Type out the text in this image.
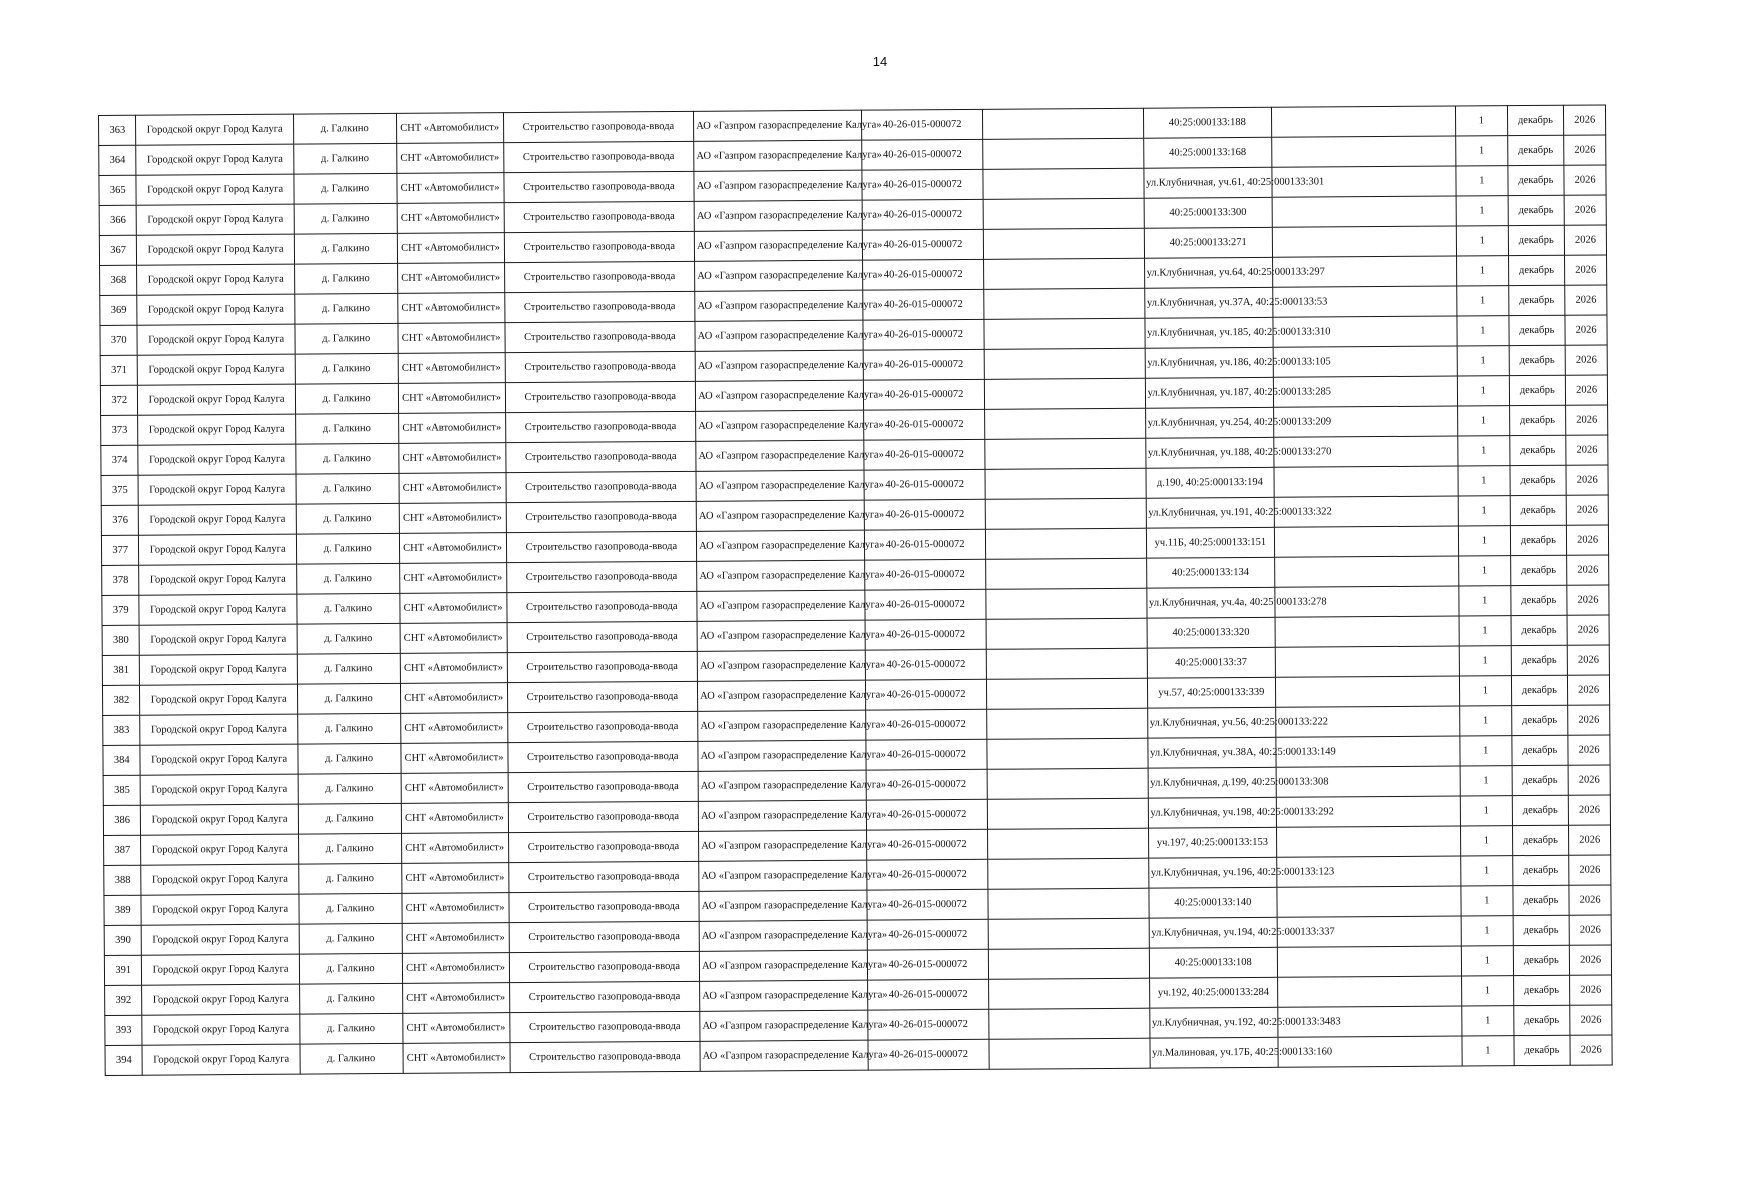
14
363	Городской округ Город Калуга	д. Галкино	СНТ «Автомобилист»	Строительство газопровода-ввода	АО «Газпром газораспределение Калуга»	40-26-015-000072		40:25:000133:188		1	декабрь	2026
364	Городской округ Город Калуга	д. Галкино	СНТ «Автомобилист»	Строительство газопровода-ввода	АО «Газпром газораспределение Калуга»	40-26-015-000072		40:25:000133:168		1	декабрь	2026
365	Городской округ Город Калуга	д. Галкино	СНТ «Автомобилист»	Строительство газопровода-ввода	АО «Газпром газораспределение Калуга»	40-26-015-000072		ул.Клубничная, уч.61, 40:25:000133:301		1	декабрь	2026
366	Городской округ Город Калуга	д. Галкино	СНТ «Автомобилист»	Строительство газопровода-ввода	АО «Газпром газораспределение Калуга»	40-26-015-000072		40:25:000133:300		1	декабрь	2026
367	Городской округ Город Калуга	д. Галкино	СНТ «Автомобилист»	Строительство газопровода-ввода	АО «Газпром газораспределение Калуга»	40-26-015-000072		40:25:000133:271		1	декабрь	2026
368	Городской округ Город Калуга	д. Галкино	СНТ «Автомобилист»	Строительство газопровода-ввода	АО «Газпром газораспределение Калуга»	40-26-015-000072		ул.Клубничная, уч.64, 40:25:000133:297		1	декабрь	2026
369	Городской округ Город Калуга	д. Галкино	СНТ «Автомобилист»	Строительство газопровода-ввода	АО «Газпром газораспределение Калуга»	40-26-015-000072		ул.Клубничная, уч.37А, 40:25:000133:53		1	декабрь	2026
370	Городской округ Город Калуга	д. Галкино	СНТ «Автомобилист»	Строительство газопровода-ввода	АО «Газпром газораспределение Калуга»	40-26-015-000072		ул.Клубничная, уч.185, 40:25:000133:310		1	декабрь	2026
371	Городской округ Город Калуга	д. Галкино	СНТ «Автомобилист»	Строительство газопровода-ввода	АО «Газпром газораспределение Калуга»	40-26-015-000072		ул.Клубничная, уч.186, 40:25:000133:105		1	декабрь	2026
372	Городской округ Город Калуга	д. Галкино	СНТ «Автомобилист»	Строительство газопровода-ввода	АО «Газпром газораспределение Калуга»	40-26-015-000072		ул.Клубничная, уч.187, 40:25:000133:285		1	декабрь	2026
373	Городской округ Город Калуга	д. Галкино	СНТ «Автомобилист»	Строительство газопровода-ввода	АО «Газпром газораспределение Калуга»	40-26-015-000072		ул.Клубничная, уч.254, 40:25:000133:209		1	декабрь	2026
374	Городской округ Город Калуга	д. Галкино	СНТ «Автомобилист»	Строительство газопровода-ввода	АО «Газпром газораспределение Калуга»	40-26-015-000072		ул.Клубничная, уч.188, 40:25:000133:270		1	декабрь	2026
375	Городской округ Город Калуга	д. Галкино	СНТ «Автомобилист»	Строительство газопровода-ввода	АО «Газпром газораспределение Калуга»	40-26-015-000072		д.190, 40:25:000133:194		1	декабрь	2026
376	Городской округ Город Калуга	д. Галкино	СНТ «Автомобилист»	Строительство газопровода-ввода	АО «Газпром газораспределение Калуга»	40-26-015-000072		ул.Клубничная, уч.191, 40:25:000133:322		1	декабрь	2026
377	Городской округ Город Калуга	д. Галкино	СНТ «Автомобилист»	Строительство газопровода-ввода	АО «Газпром газораспределение Калуга»	40-26-015-000072		уч.11Б, 40:25:000133:151		1	декабрь	2026
378	Городской округ Город Калуга	д. Галкино	СНТ «Автомобилист»	Строительство газопровода-ввода	АО «Газпром газораспределение Калуга»	40-26-015-000072		40:25:000133:134		1	декабрь	2026
379	Городской округ Город Калуга	д. Галкино	СНТ «Автомобилист»	Строительство газопровода-ввода	АО «Газпром газораспределение Калуга»	40-26-015-000072		ул.Клубничная, уч.4а, 40:25:000133:278		1	декабрь	2026
380	Городской округ Город Калуга	д. Галкино	СНТ «Автомобилист»	Строительство газопровода-ввода	АО «Газпром газораспределение Калуга»	40-26-015-000072		40:25:000133:320		1	декабрь	2026
381	Городской округ Город Калуга	д. Галкино	СНТ «Автомобилист»	Строительство газопровода-ввода	АО «Газпром газораспределение Калуга»	40-26-015-000072		40:25:000133:37		1	декабрь	2026
382	Городской округ Город Калуга	д. Галкино	СНТ «Автомобилист»	Строительство газопровода-ввода	АО «Газпром газораспределение Калуга»	40-26-015-000072		уч.57, 40:25:000133:339		1	декабрь	2026
383	Городской округ Город Калуга	д. Галкино	СНТ «Автомобилист»	Строительство газопровода-ввода	АО «Газпром газораспределение Калуга»	40-26-015-000072		ул.Клубничная, уч.56, 40:25:000133:222		1	декабрь	2026
384	Городской округ Город Калуга	д. Галкино	СНТ «Автомобилист»	Строительство газопровода-ввода	АО «Газпром газораспределение Калуга»	40-26-015-000072		ул.Клубничная, уч.38А, 40:25:000133:149		1	декабрь	2026
385	Городской округ Город Калуга	д. Галкино	СНТ «Автомобилист»	Строительство газопровода-ввода	АО «Газпром газораспределение Калуга»	40-26-015-000072		ул.Клубничная, д.199, 40:25:000133:308		1	декабрь	2026
386	Городской округ Город Калуга	д. Галкино	СНТ «Автомобилист»	Строительство газопровода-ввода	АО «Газпром газораспределение Калуга»	40-26-015-000072		ул.Клубничная, уч.198, 40:25:000133:292		1	декабрь	2026
387	Городской округ Город Калуга	д. Галкино	СНТ «Автомобилист»	Строительство газопровода-ввода	АО «Газпром газораспределение Калуга»	40-26-015-000072		уч.197, 40:25:000133:153		1	декабрь	2026
388	Городской округ Город Калуга	д. Галкино	СНТ «Автомобилист»	Строительство газопровода-ввода	АО «Газпром газораспределение Калуга»	40-26-015-000072		ул.Клубничная, уч.196, 40:25:000133:123		1	декабрь	2026
389	Городской округ Город Калуга	д. Галкино	СНТ «Автомобилист»	Строительство газопровода-ввода	АО «Газпром газораспределение Калуга»	40-26-015-000072		40:25:000133:140		1	декабрь	2026
390	Городской округ Город Калуга	д. Галкино	СНТ «Автомобилист»	Строительство газопровода-ввода	АО «Газпром газораспределение Калуга»	40-26-015-000072		ул.Клубничная, уч.194, 40:25:000133:337		1	декабрь	2026
391	Городской округ Город Калуга	д. Галкино	СНТ «Автомобилист»	Строительство газопровода-ввода	АО «Газпром газораспределение Калуга»	40-26-015-000072		40:25:000133:108		1	декабрь	2026
392	Городской округ Город Калуга	д. Галкино	СНТ «Автомобилист»	Строительство газопровода-ввода	АО «Газпром газораспределение Калуга»	40-26-015-000072		уч.192, 40:25:000133:284		1	декабрь	2026
393	Городской округ Город Калуга	д. Галкино	СНТ «Автомобилист»	Строительство газопровода-ввода	АО «Газпром газораспределение Калуга»	40-26-015-000072		ул.Клубничная, уч.192, 40:25:000133:3483		1	декабрь	2026
394	Городской округ Город Калуга	д. Галкино	СНТ «Автомобилист»	Строительство газопровода-ввода	АО «Газпром газораспределение Калуга»	40-26-015-000072		ул.Малиновая, уч.17Б, 40:25:000133:160		1	декабрь	2026
